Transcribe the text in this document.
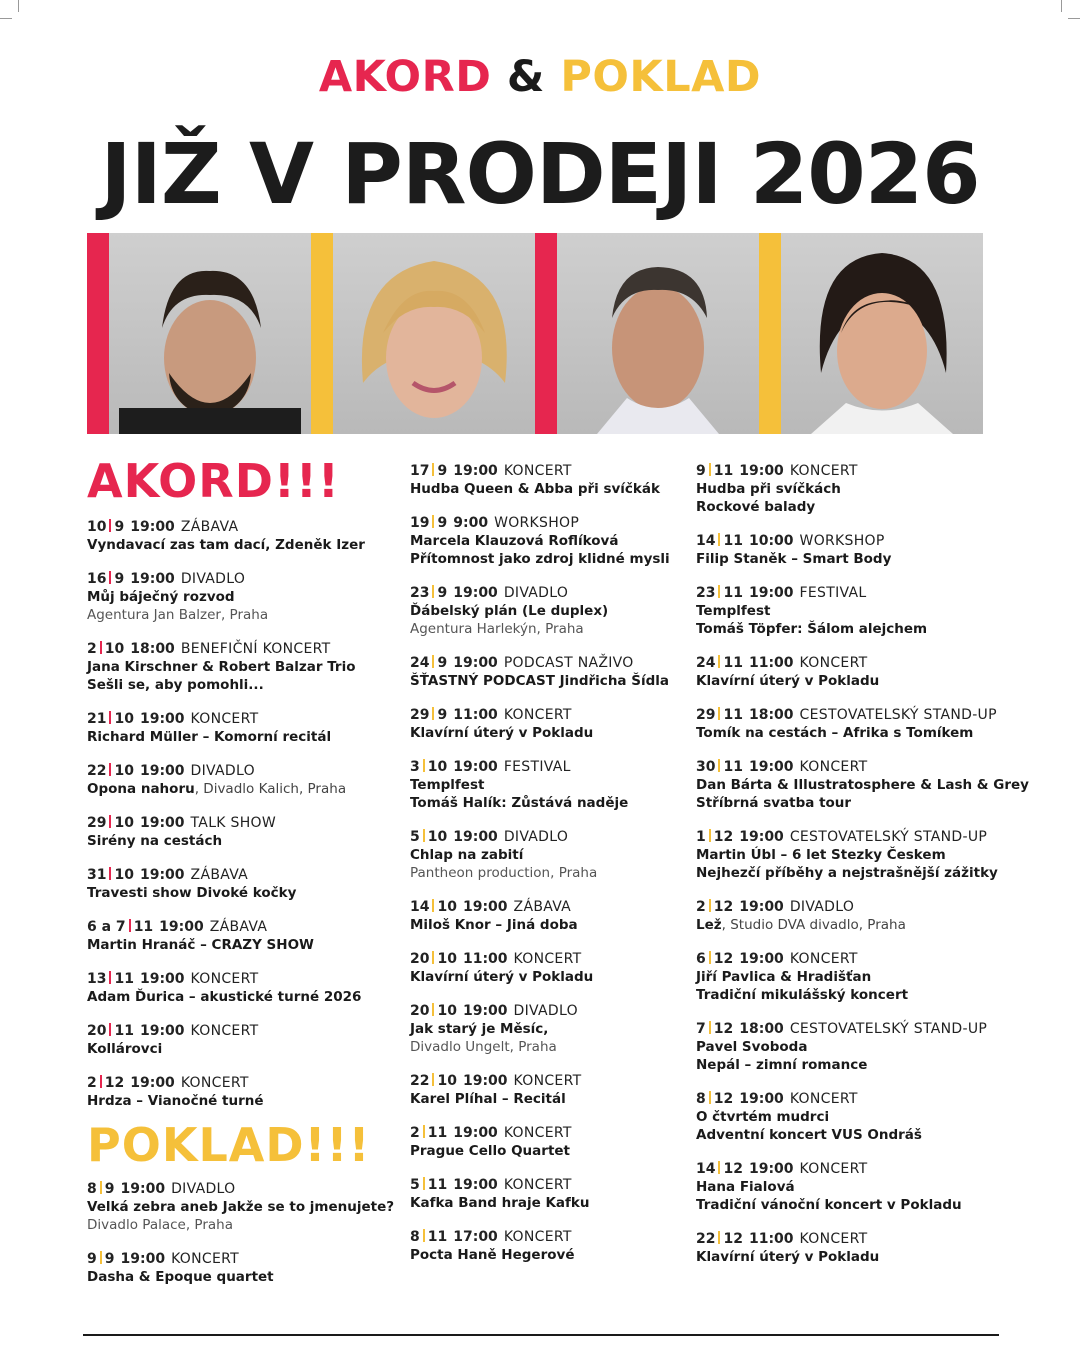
AKORD & POKLAD
JIŽ V PRODEJI 2026
AKORD!!!
10 9 19:00 ZÁBAVA
Vyndavací zas tam dací, Zdeněk Izer
16 9 19:00 DIVADLO
Můj báječný rozvod
Agentura Jan Balzer, Praha
2 10 18:00 BENEFIČNÍ KONCERT
Jana Kirschner & Robert Balzar Trio
Sešli se, aby pomohli...
21 10 19:00 KONCERT
Richard Müller – Komorní recitál
22 10 19:00 DIVADLO
Opona nahoru, Divadlo Kalich, Praha
29 10 19:00 TALK SHOW
Sirény na cestách
31 10 19:00 ZÁBAVA
Travesti show Divoké kočky
6 a 7 11 19:00 ZÁBAVA
Martin Hranáč – CRAZY SHOW
13 11 19:00 KONCERT
Adam Ďurica – akustické turné 2026
20 11 19:00 KONCERT
Kollárovci
2 12 19:00 KONCERT
Hrdza – Vianočné turné
POKLAD!!!
8 9 19:00 DIVADLO
Velká zebra aneb Jakže se to jmenujete?
Divadlo Palace, Praha
9 9 19:00 KONCERT
Dasha & Epoque quartet
17 9 19:00 KONCERT
Hudba Queen & Abba při svíčkák
19 9 9:00 WORKSHOP
Marcela Klauzová Roflíková
Přítomnost jako zdroj klidné mysli
23 9 19:00 DIVADLO
Ďábelský plán (Le duplex)
Agentura Harlekýn, Praha
24 9 19:00 PODCAST NAŽIVO
ŠŤASTNÝ PODCAST Jindřicha Šídla
29 9 11:00 KONCERT
Klavírní úterý v Pokladu
3 10 19:00 FESTIVAL
Templfest
Tomáš Halík: Zůstává naděje
5 10 19:00 DIVADLO
Chlap na zabití
Pantheon production, Praha
14 10 19:00 ZÁBAVA
Miloš Knor – Jiná doba
20 10 11:00 KONCERT
Klavírní úterý v Pokladu
20 10 19:00 DIVADLO
Jak starý je Měsíc,
Divadlo Ungelt, Praha
22 10 19:00 KONCERT
Karel Plíhal – Recitál
2 11 19:00 KONCERT
Prague Cello Quartet
5 11 19:00 KONCERT
Kafka Band hraje Kafku
8 11 17:00 KONCERT
Pocta Haně Hegerové
9 11 19:00 KONCERT
Hudba při svíčkách
Rockové balady
14 11 10:00 WORKSHOP
Filip Staněk – Smart Body
23 11 19:00 FESTIVAL
Templfest
Tomáš Töpfer: Šálom alejchem
24 11 11:00 KONCERT
Klavírní úterý v Pokladu
29 11 18:00 CESTOVATELSKÝ STAND-UP
Tomík na cestách – Afrika s Tomíkem
30 11 19:00 KONCERT
Dan Bárta & Illustratosphere & Lash & Grey
Stříbrná svatba tour
1 12 19:00 CESTOVATELSKÝ STAND-UP
Martin Úbl – 6 let Stezky Českem
Nejhezčí příběhy a nejstrašnější zážitky
2 12 19:00 DIVADLO
Lež, Studio DVA divadlo, Praha
6 12 19:00 KONCERT
Jiří Pavlica & Hradišťan
Tradiční mikulášský koncert
7 12 18:00 CESTOVATELSKÝ STAND-UP
Pavel Svoboda
Nepál – zimní romance
8 12 19:00 KONCERT
O čtvrtém mudrci
Adventní koncert VUS Ondráš
14 12 19:00 KONCERT
Hana Fialová
Tradiční vánoční koncert v Pokladu
22 12 11:00 KONCERT
Klavírní úterý v Pokladu
